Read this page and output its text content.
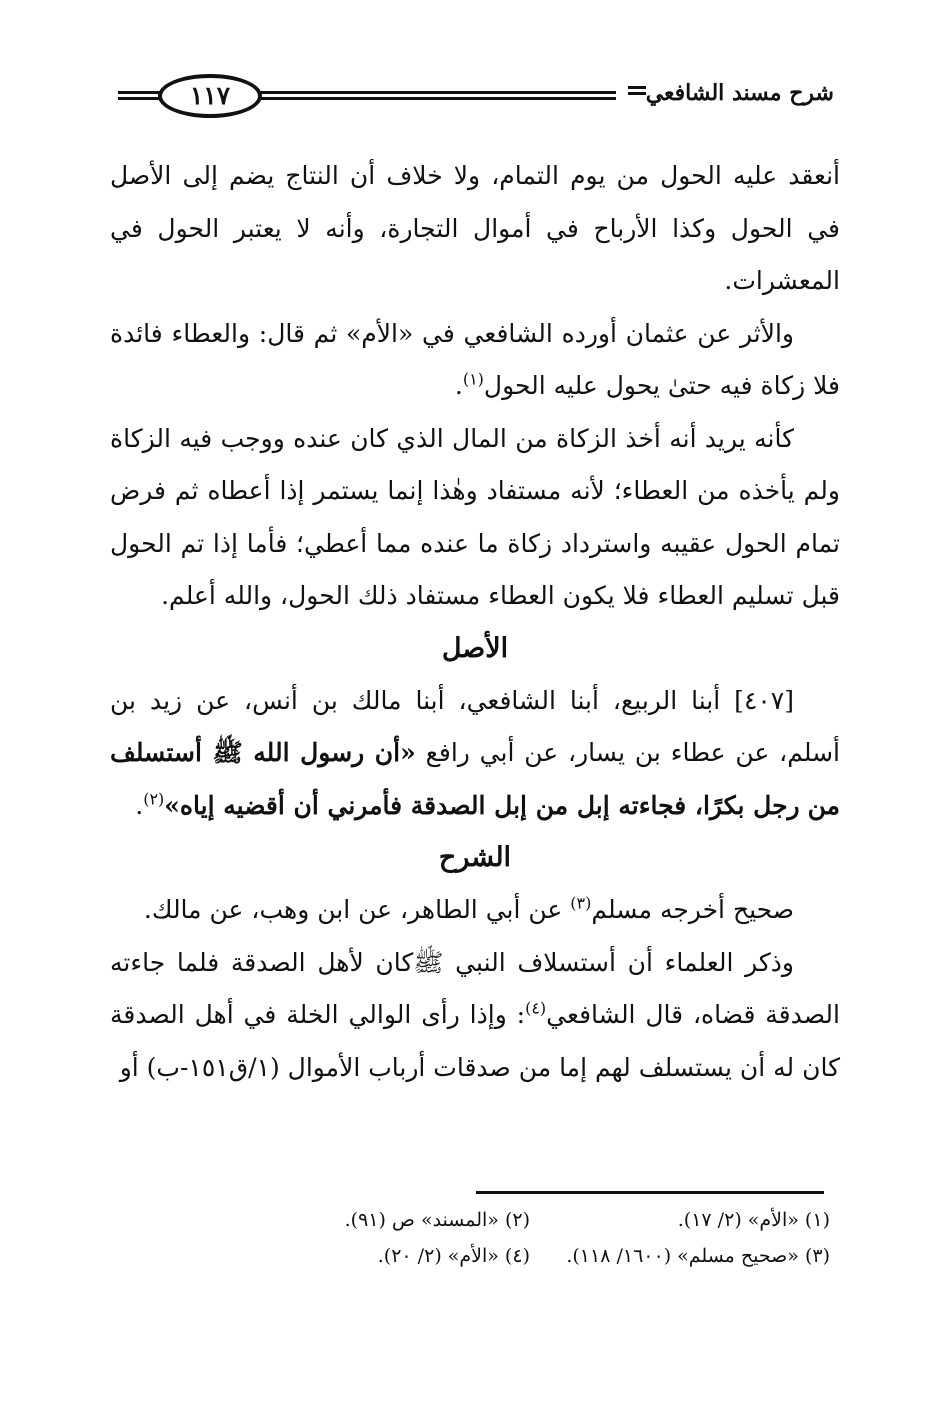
١١٧	شرح مسند الشافعي

أنعقد عليه الحول من يوم التمام، ولا خلاف أن النتاج يضم إلى الأصل في الحول وكذا الأرباح في أموال التجارة، وأنه لا يعتبر الحول في المعشرات.

والأثر عن عثمان أورده الشافعي في «الأم» ثم قال: والعطاء فائدة فلا زكاة فيه حتىٰ يحول عليه الحول$^{(١)}$.

كأنه يريد أنه أخذ الزكاة من المال الذي كان عنده ووجب فيه الزكاة ولم يأخذه من العطاء؛ لأنه مستفاد وهٰذا إنما يستمر إذا أعطاه ثم فرض تمام الحول عقيبه واسترداد زكاة ما عنده مما أعطي؛ فأما إذا تم الحول قبل تسليم العطاء فلا يكون العطاء مستفاد ذلك الحول، والله أعلم.

الأصل

[٤٠٧] أبنا الربيع، أبنا الشافعي، أبنا مالك بن أنس، عن زيد بن أسلم، عن عطاء بن يسار، عن أبي رافع «أن رسول الله ﷺ أستسلف من رجل بكرًا، فجاءته إبل من إبل الصدقة فأمرني أن أقضيه إياه»$^{(٢)}$.

الشرح

صحيح أخرجه مسلم$^{(٣)}$ عن أبي الطاهر، عن ابن وهب، عن مالك.

وذكر العلماء أن أستسلاف النبي ﷺكان لأهل الصدقة فلما جاءته الصدقة قضاه، قال الشافعي$^{(٤)}$: وإذا رأى الوالي الخلة في أهل الصدقة كان له أن يستسلف لهم إما من صدقات أرباب الأموال (١/ق١٥١-ب) أو

(١) «الأم» (٢/ ١٧).
(٢) «المسند» ص (٩١).
(٣) «صحيح مسلم» (١٦٠٠/ ١١٨).
(٤) «الأم» (٢/ ٢٠).
